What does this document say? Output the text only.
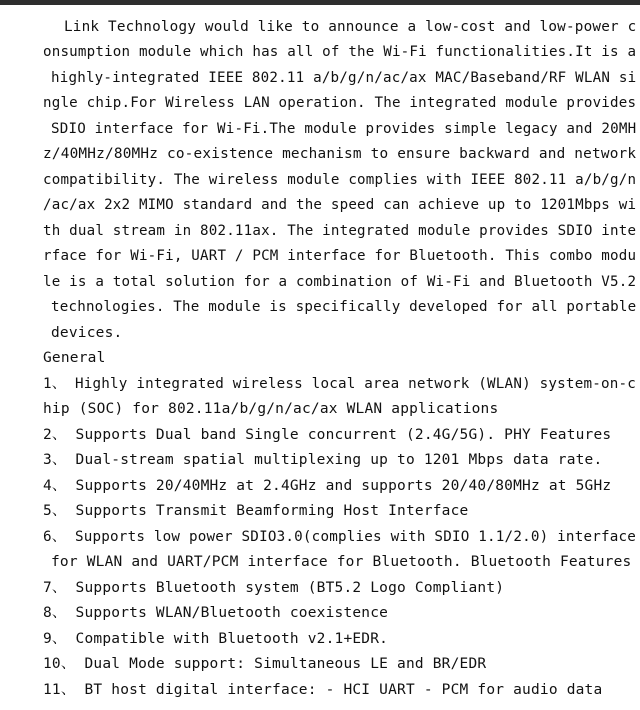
Link Technology would like to announce a low-cost and low-power c
onsumption module which has all of the Wi-Fi functionalities.It is a
highly-integrated IEEE 802.11 a/b/g/n/ac/ax MAC/Baseband/RF WLAN si
ngle chip.For Wireless LAN operation. The integrated module provides
SDIO interface for Wi-Fi.The module provides simple legacy and 20MH
z/40MHz/80MHz co-existence mechanism to ensure backward and network
compatibility. The wireless module complies with IEEE 802.11 a/b/g/n
/ac/ax 2x2 MIMO standard and the speed can achieve up to 1201Mbps wi
th dual stream in 802.11ax. The integrated module provides SDIO inte
rface for Wi-Fi, UART / PCM interface for Bluetooth. This combo modu
le is a total solution for a combination of Wi-Fi and Bluetooth V5.2
technologies. The module is specifically developed for all portable
devices.
General
1、 Highly integrated wireless local area network (WLAN) system-on-c
hip (SOC) for 802.11a/b/g/n/ac/ax WLAN applications
2、 Supports Dual band Single concurrent (2.4G/5G). PHY Features
3、 Dual-stream spatial multiplexing up to 1201 Mbps data rate.
4、 Supports 20/40MHz at 2.4GHz and supports 20/40/80MHz at 5GHz
5、 Supports Transmit Beamforming Host Interface
6、 Supports low power SDIO3.0(complies with SDIO 1.1/2.0) interface
for WLAN and UART/PCM interface for Bluetooth. Bluetooth Features
7、 Supports Bluetooth system (BT5.2 Logo Compliant)
8、 Supports WLAN/Bluetooth coexistence
9、 Compatible with Bluetooth v2.1+EDR.
10、 Dual Mode support: Simultaneous LE and BR/EDR
11、 BT host digital interface: - HCI UART - PCM for audio data
